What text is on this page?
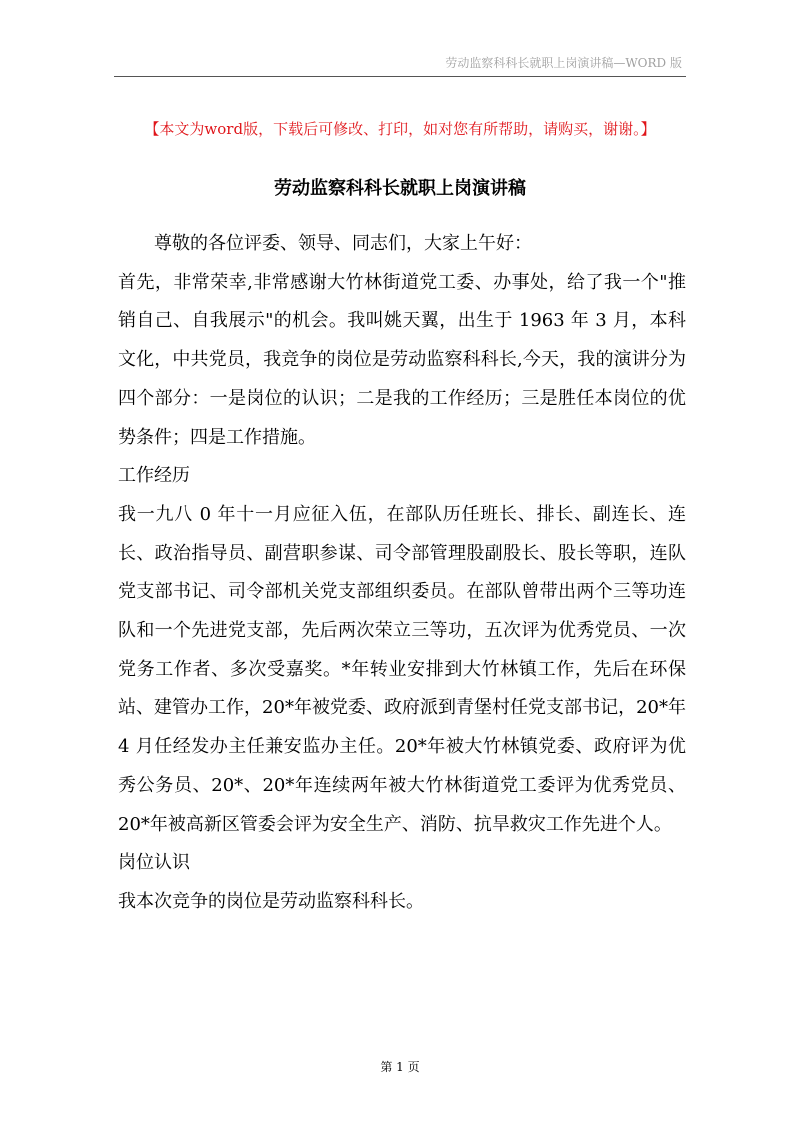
劳动监察科科长就职上岗演讲稿—WORD 版
【本文为word版，下载后可修改、打印，如对您有所帮助，请购买，谢谢。】
劳动监察科科长就职上岗演讲稿

尊敬的各位评委、领导、同志们，大家上午好：

首先，非常荣幸,非常感谢大竹林街道党工委、办事处，给了我一个"推销自己、自我展示"的机会。我叫姚天翼，出生于 1963 年 3 月，本科文化，中共党员，我竞争的岗位是劳动监察科科长,今天，我的演讲分为四个部分：一是岗位的认识；二是我的工作经历；三是胜任本岗位的优势条件；四是工作措施。

工作经历

我一九八 0 年十一月应征入伍，在部队历任班长、排长、副连长、连长、政治指导员、副营职参谋、司令部管理股副股长、股长等职，连队党支部书记、司令部机关党支部组织委员。在部队曾带出两个三等功连队和一个先进党支部，先后两次荣立三等功，五次评为优秀党员、一次党务工作者、多次受嘉奖。*年转业安排到大竹林镇工作，先后在环保站、建管办工作，20*年被党委、政府派到青堡村任党支部书记，20*年 4 月任经发办主任兼安监办主任。20*年被大竹林镇党委、政府评为优秀公务员、20*、20*年连续两年被大竹林街道党工委评为优秀党员、20*年被高新区管委会评为安全生产、消防、抗旱救灾工作先进个人。

岗位认识

我本次竞争的岗位是劳动监察科科长。

第 1 页
